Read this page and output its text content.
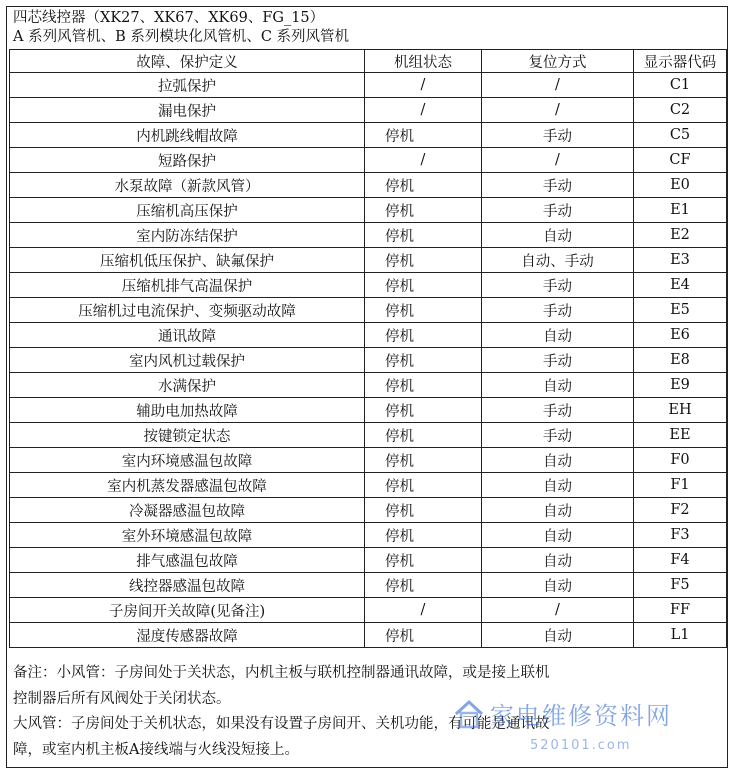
四芯线控器（XK27、XK67、XK69、FG_15）
A 系列风管机、B 系列模块化风管机、C 系列风管机
故障、保护定义	机组状态	复位方式	显示器代码
拉弧保护	/	/	C1
漏电保护	/	/	C2
内机跳线帽故障	停机	手动	C5
短路保护	/	/	CF
水泵故障（新款风管）	停机	手动	E0
压缩机高压保护	停机	手动	E1
室内防冻结保护	停机	自动	E2
压缩机低压保护、缺氟保护	停机	自动、手动	E3
压缩机排气高温保护	停机	手动	E4
压缩机过电流保护、变频驱动故障	停机	手动	E5
通讯故障	停机	自动	E6
室内风机过载保护	停机	手动	E8
水满保护	停机	自动	E9
辅助电加热故障	停机	手动	EH
按键锁定状态	停机	手动	EE
室内环境感温包故障	停机	自动	F0
室内机蒸发器感温包故障	停机	自动	F1
冷凝器感温包故障	停机	自动	F2
室外环境感温包故障	停机	自动	F3
排气感温包故障	停机	自动	F4
线控器感温包故障	停机	自动	F5
子房间开关故障(见备注)	/	/	FF
湿度传感器故障	停机	自动	L1

备注：小风管：子房间处于关状态，内机主板与联机控制器通讯故障，或是接上联机

控制器后所有风阀处于关闭状态。

大风管：子房间处于关机状态，如果没有设置子房间开、关机功能，有可能是通讯故

障，或室内机主板A接线端与火线没短接上。

家电维修资料网
520101.com
